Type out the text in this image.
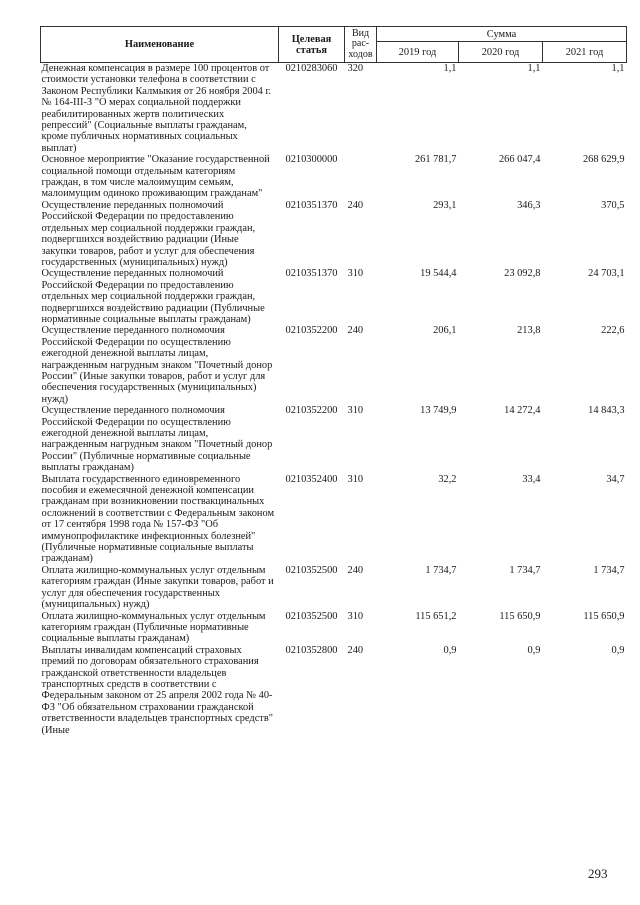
Наименование	Целевая статья	Вид рас-ходов	Сумма		
			2019 год	2020 год	2021 год
Денежная компенсация в размере 100 процентов от стоимости установки телефона в соответствии с Законом Республики Калмыкия от 26 ноября 2004 г. № 164-III-З "О мерах социальной поддержки реабилитированных жертв политических репрессий" (Социальные выплаты гражданам, кроме публичных нормативных социальных выплат)	0210283060	320	1,1	1,1	1,1
Основное мероприятие "Оказание государственной социальной помощи отдельным категориям граждан, в том числе малоимущим семьям, малоимущим одиноко проживающим гражданам"	0210300000		261 781,7	266 047,4	268 629,9
Осуществление переданных полномочий Российской Федерации по предоставлению отдельных мер социальной поддержки граждан, подвергшихся воздействию радиации (Иные закупки товаров, работ и услуг для обеспечения государственных (муниципальных) нужд)	0210351370	240	293,1	346,3	370,5
Осуществление переданных полномочий Российской Федерации по предоставлению отдельных мер социальной поддержки граждан, подвергшихся воздействию радиации (Публичные нормативные социальные выплаты гражданам)	0210351370	310	19 544,4	23 092,8	24 703,1
Осуществление переданного полномочия Российской Федерации по осуществлению ежегодной денежной выплаты лицам, награжденным нагрудным знаком "Почетный донор России" (Иные закупки товаров, работ и услуг для обеспечения государственных (муниципальных) нужд)	0210352200	240	206,1	213,8	222,6
Осуществление переданного полномочия Российской Федерации по осуществлению ежегодной денежной выплаты лицам, награжденным нагрудным знаком "Почетный донор России" (Публичные нормативные социальные выплаты гражданам)	0210352200	310	13 749,9	14 272,4	14 843,3
Выплата государственного единовременного пособия и ежемесячной денежной компенсации гражданам при возникновении поствакцинальных осложнений в соответствии с Федеральным законом от 17 сентября 1998 года № 157-ФЗ "Об иммунопрофилактике инфекционных болезней" (Публичные нормативные социальные выплаты гражданам)	0210352400	310	32,2	33,4	34,7
Оплата жилищно-коммунальных услуг отдельным категориям граждан (Иные закупки товаров, работ и услуг для обеспечения государственных (муниципальных) нужд)	0210352500	240	1 734,7	1 734,7	1 734,7
Оплата жилищно-коммунальных услуг отдельным категориям граждан (Публичные нормативные социальные выплаты гражданам)	0210352500	310	115 651,2	115 650,9	115 650,9
Выплаты инвалидам компенсаций страховых премий по договорам обязательного страхования гражданской ответственности владельцев транспортных средств в соответствии с Федеральным законом от 25 апреля 2002 года № 40-ФЗ "Об обязательном страховании гражданской ответственности владельцев транспортных средств" (Иные	0210352800	240	0,9	0,9	0,9
293
